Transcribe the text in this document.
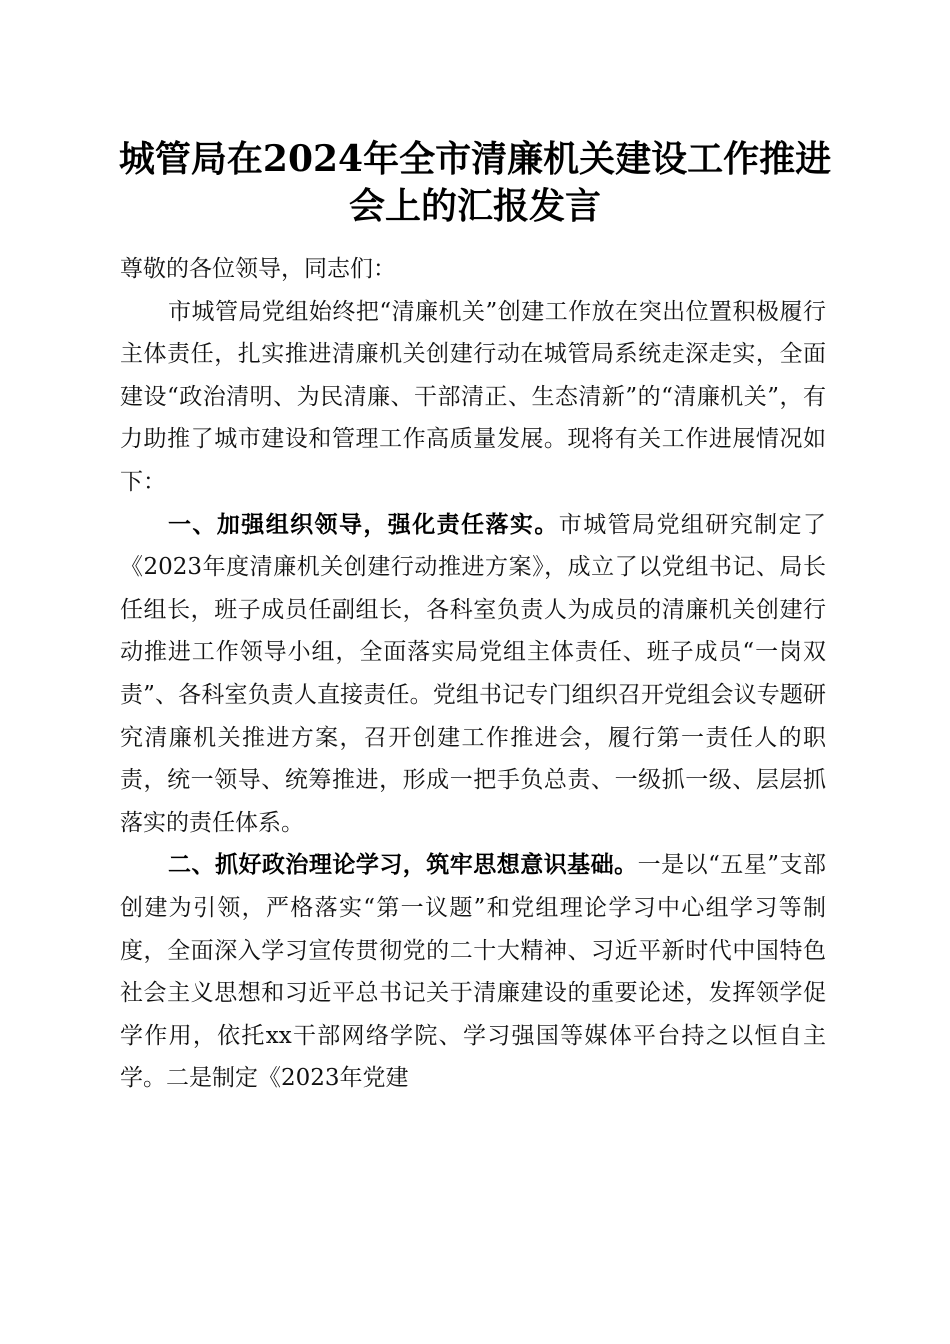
城管局在2024年全市清廉机关建设工作推进
会上的汇报发言

尊敬的各位领导，同志们：

市城管局党组始终把“清廉机关”创建工作放在突出位置积极履行主体责任，扎实推进清廉机关创建行动在城管局系统走深走实，全面建设“政治清明、为民清廉、干部清正、生态清新”的“清廉机关”，有力助推了城市建设和管理工作高质量发展。现将有关工作进展情况如下：

一、加强组织领导，强化责任落实。市城管局党组研究制定了《2023年度清廉机关创建行动推进方案》，成立了以党组书记、局长任组长，班子成员任副组长，各科室负责人为成员的清廉机关创建行动推进工作领导小组，全面落实局党组主体责任、班子成员“一岗双责”、各科室负责人直接责任。党组书记专门组织召开党组会议专题研究清廉机关推进方案，召开创建工作推进会，履行第一责任人的职责，统一领导、统筹推进，形成一把手负总责、一级抓一级、层层抓落实的责任体系。

二、抓好政治理论学习，筑牢思想意识基础。一是以“五星”支部创建为引领，严格落实“第一议题”和党组理论学习中心组学习等制度，全面深入学习宣传贯彻党的二十大精神、习近平新时代中国特色社会主义思想和习近平总书记关于清廉建设的重要论述，发挥领学促学作用，依托xx干部网络学院、学习强国等媒体平台持之以恒自主学。二是制定《2023年党建
